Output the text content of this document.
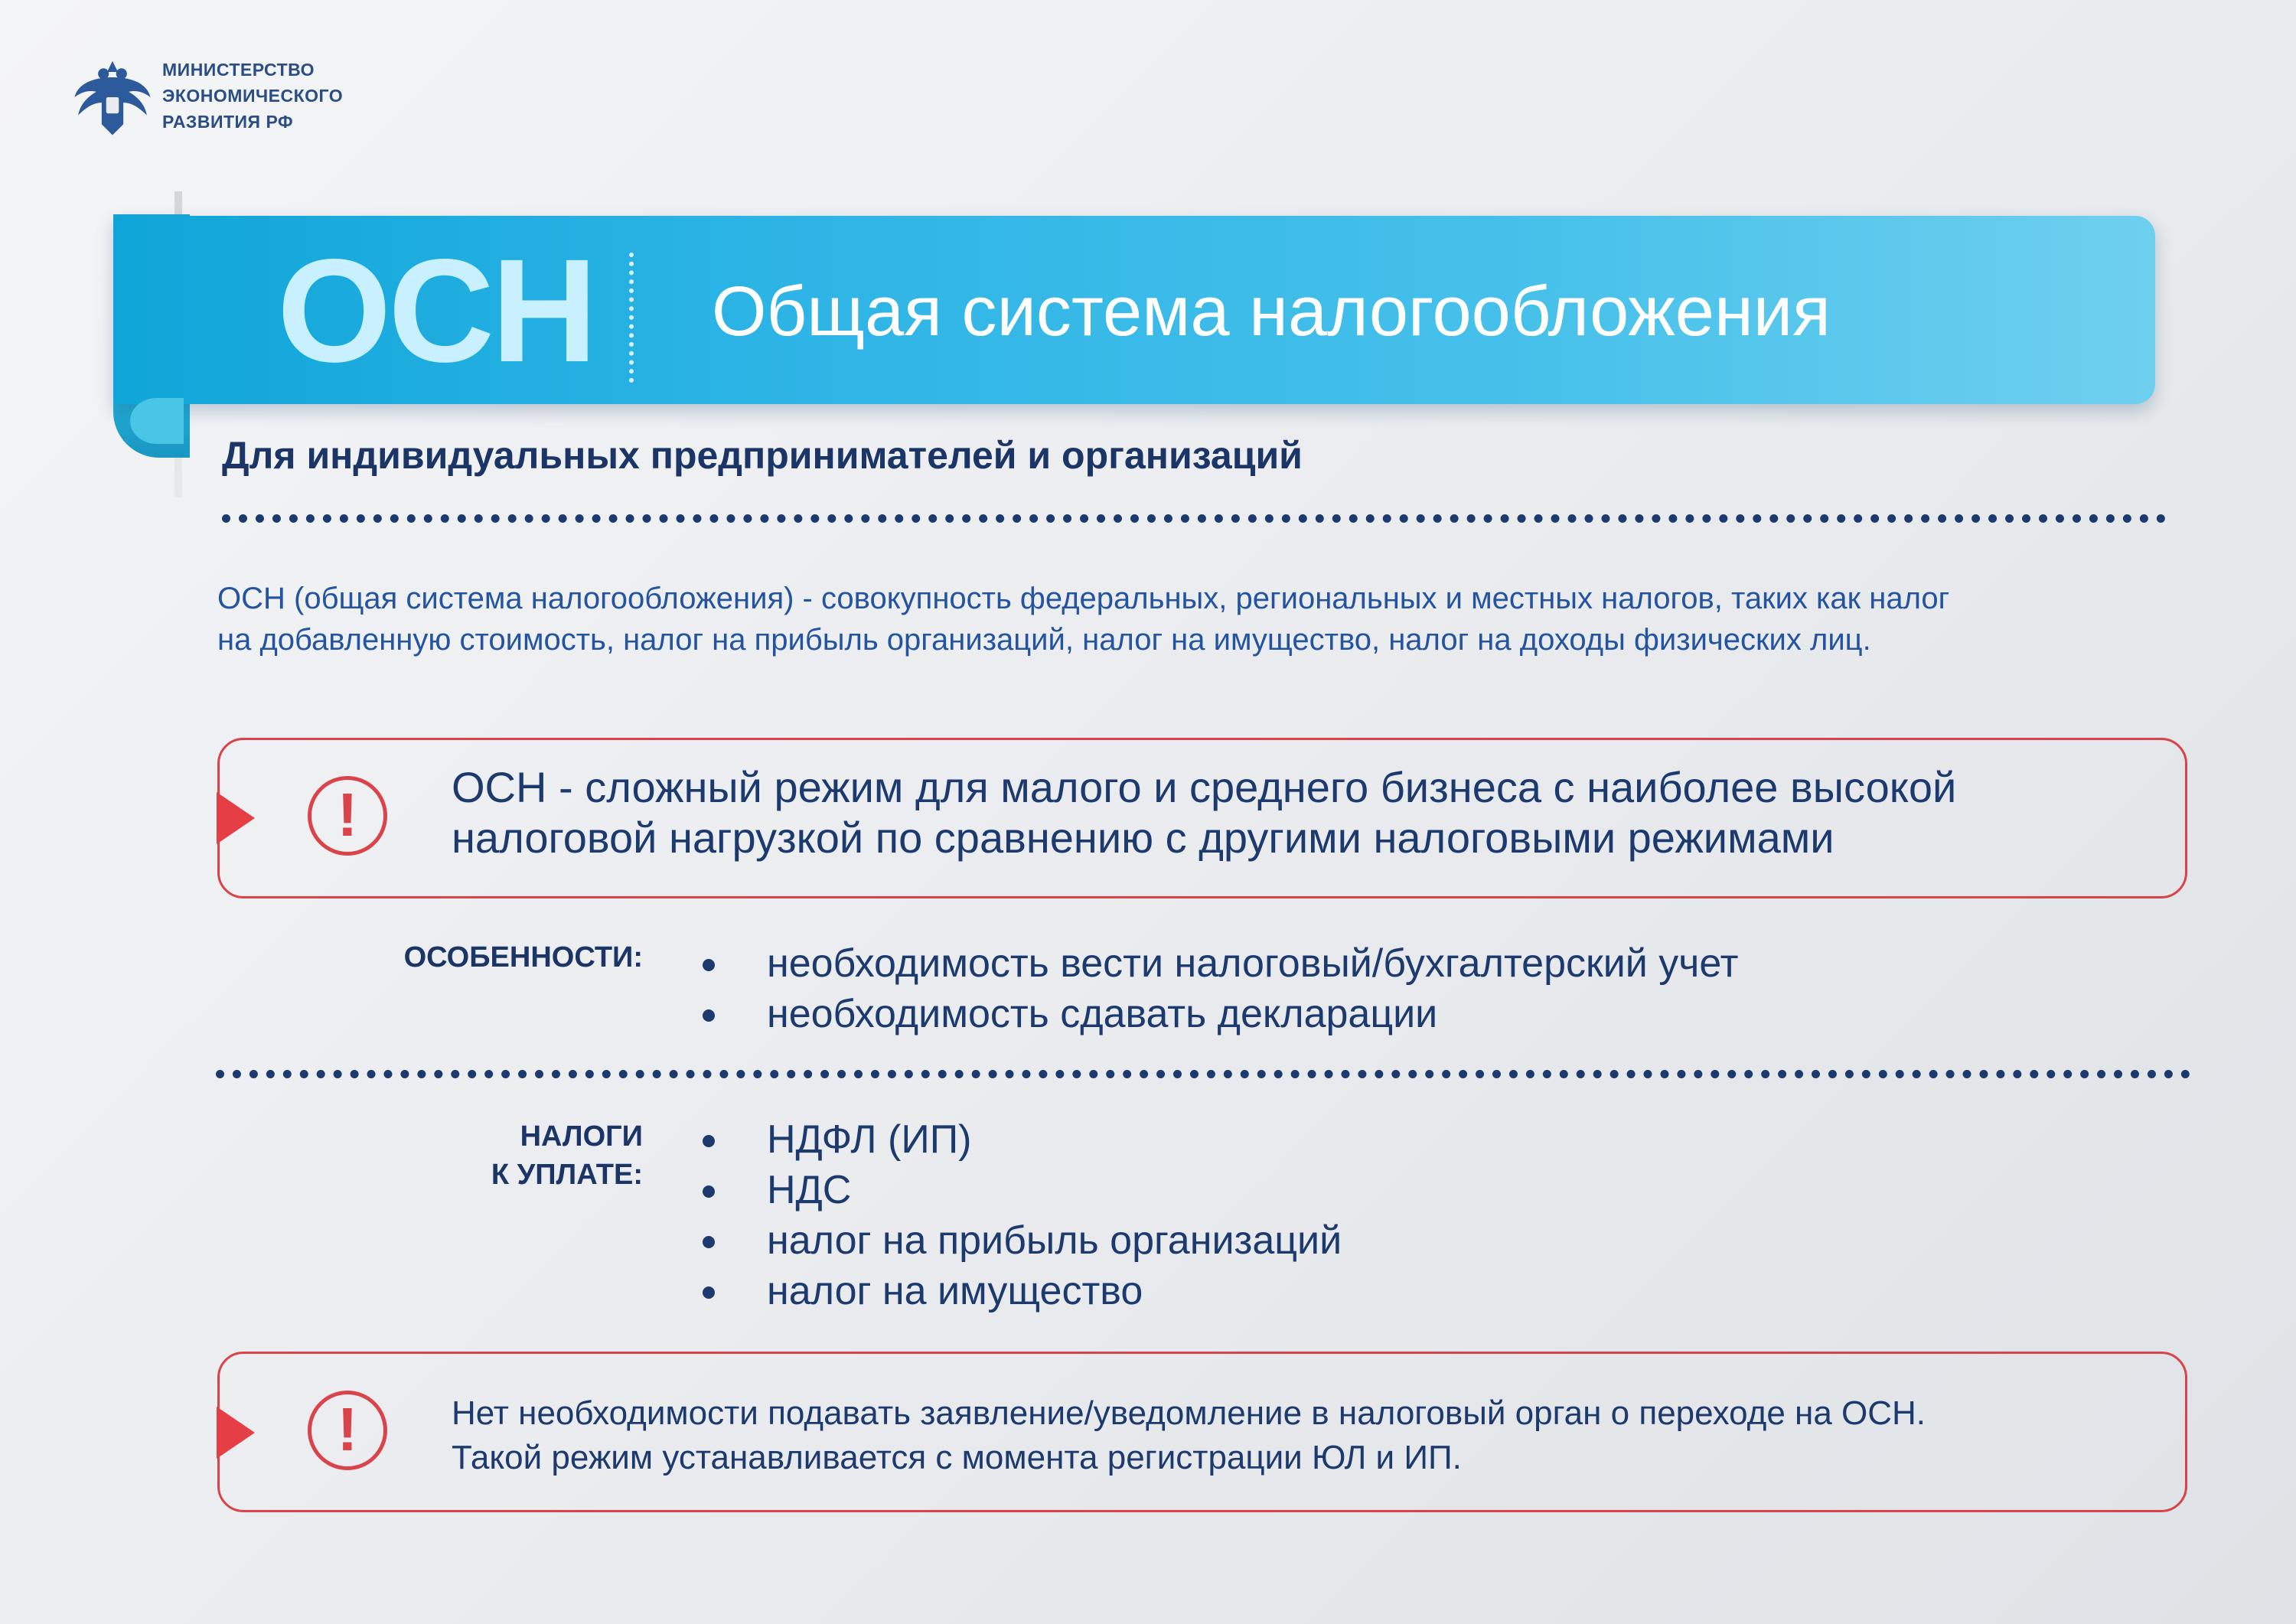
МИНИСТЕРСТВО
ЭКОНОМИЧЕСКОГО
РАЗВИТИЯ РФ
ОСН Общая система налогообложения
Для индивидуальных предпринимателей и организаций
ОСН (общая система налогообложения) - совокупность федеральных, региональных и местных налогов, таких как налог
на добавленную стоимость, налог на прибыль организаций, налог на имущество, налог на доходы физических лиц.
!	ОСН - сложный режим для малого и среднего бизнеса с наиболее высокой
налоговой нагрузкой по сравнению с другими налоговыми режимами
ОСОБЕННОСТИ:	необходимость вести налоговый/бухгалтерский учет
необходимость сдавать декларации
НАЛОГИ
К УПЛАТЕ:
НДФЛ (ИП)
НДС
налог на прибыль организаций
налог на имущество
!	Нет необходимости подавать заявление/уведомление в налоговый орган о переходе на ОСН.
Такой режим устанавливается с момента регистрации ЮЛ и ИП.
